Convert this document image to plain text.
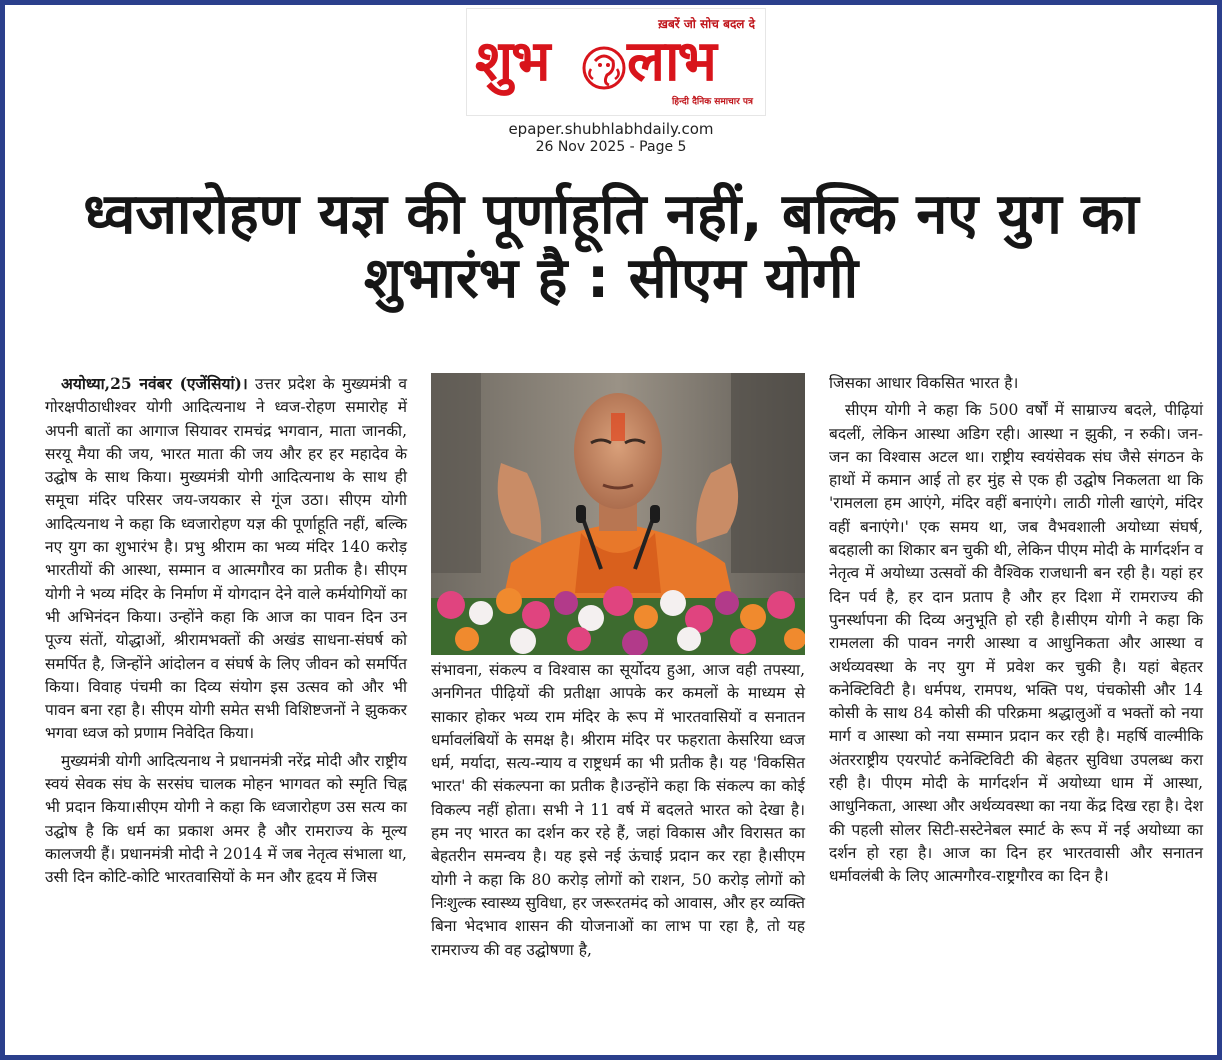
ख़बरें जो सोच बदल दे
शुभ लाभ
हिन्दी दैनिक समाचार पत्र
epaper.shubhlabhdaily.com
26 Nov 2025 - Page 5
ध्वजारोहण यज्ञ की पूर्णाहूति नहीं, बल्कि नए युग का शुभारंभ है : सीएम योगी

अयोध्या,25 नवंबर (एजेंसियां)। उत्तर प्रदेश के मुख्यमंत्री व गोरक्षपीठाधीश्वर योगी आदित्यनाथ ने ध्वज-रोहण समारोह में अपनी बातों का आगाज सियावर रामचंद्र भगवान, माता जानकी, सरयू मैया की जय, भारत माता की जय और हर हर महादेव के उद्घोष के साथ किया। मुख्यमंत्री योगी आदित्यनाथ के साथ ही समूचा मंदिर परिसर जय-जयकार से गूंज उठा। सीएम योगी आदित्यनाथ ने कहा कि ध्वजारोहण यज्ञ की पूर्णाहूति नहीं, बल्कि नए युग का शुभारंभ है। प्रभु श्रीराम का भव्य मंदिर 140 करोड़ भारतीयों की आस्था, सम्मान व आत्मगौरव का प्रतीक है। सीएम योगी ने भव्य मंदिर के निर्माण में योगदान देने वाले कर्मयोगियों का भी अभिनंदन किया। उन्होंने कहा कि आज का पावन दिन उन पूज्य संतों, योद्धाओं, श्रीरामभक्तों की अखंड साधना-संघर्ष को समर्पित है, जिन्होंने आंदोलन व संघर्ष के लिए जीवन को समर्पित किया। विवाह पंचमी का दिव्य संयोग इस उत्सव को और भी पावन बना रहा है। सीएम योगी समेत सभी विशिष्टजनों ने झुककर भगवा ध्वज को प्रणाम निवेदित किया।

मुख्यमंत्री योगी आदित्यनाथ ने प्रधानमंत्री नरेंद्र मोदी और राष्ट्रीय स्वयं सेवक संघ के सरसंघ चालक मोहन भागवत को स्मृति चिह्न भी प्रदान किया।सीएम योगी ने कहा कि ध्वजारोहण उस सत्य का उद्घोष है कि धर्म का प्रकाश अमर है और रामराज्य के मूल्य कालजयी हैं। प्रधानमंत्री मोदी ने 2014 में जब नेतृत्व संभाला था, उसी दिन कोटि-कोटि भारतवासियों के मन और हृदय में जिस

संभावना, संकल्प व विश्वास का सूर्योदय हुआ, आज वही तपस्या, अनगिनत पीढ़ियों की प्रतीक्षा आपके कर कमलों के माध्यम से साकार होकर भव्य राम मंदिर के रूप में भारतवासियों व सनातन धर्मावलंबियों के समक्ष है। श्रीराम मंदिर पर फहराता केसरिया ध्वज धर्म, मर्यादा, सत्य-न्याय व राष्ट्रधर्म का भी प्रतीक है। यह 'विकसित भारत' की संकल्पना का प्रतीक है।उन्होंने कहा कि संकल्प का कोई विकल्प नहीं होता। सभी ने 11 वर्ष में बदलते भारत को देखा है। हम नए भारत का दर्शन कर रहे हैं, जहां विकास और विरासत का बेहतरीन समन्वय है। यह इसे नई ऊंचाई प्रदान कर रहा है।सीएम योगी ने कहा कि 80 करोड़ लोगों को राशन, 50 करोड़ लोगों को निःशुल्क स्वास्थ्य सुविधा, हर जरूरतमंद को आवास, और हर व्यक्ति बिना भेदभाव शासन की योजनाओं का लाभ पा रहा है, तो यह रामराज्य की वह उद्घोषणा है,

जिसका आधार विकसित भारत है।

सीएम योगी ने कहा कि 500 वर्षों में साम्राज्य बदले, पीढ़ियां बदलीं, लेकिन आस्था अडिग रही। आस्था न झुकी, न रुकी। जन-जन का विश्वास अटल था। राष्ट्रीय स्वयंसेवक संघ जैसे संगठन के हाथों में कमान आई तो हर मुंह से एक ही उद्घोष निकलता था कि 'रामलला हम आएंगे, मंदिर वहीं बनाएंगे। लाठी गोली खाएंगे, मंदिर वहीं बनाएंगे।' एक समय था, जब वैभवशाली अयोध्या संघर्ष, बदहाली का शिकार बन चुकी थी, लेकिन पीएम मोदी के मार्गदर्शन व नेतृत्व में अयोध्या उत्सवों की वैश्विक राजधानी बन रही है। यहां हर दिन पर्व है, हर दान प्रताप है और हर दिशा में रामराज्य की पुनर्स्थापना की दिव्य अनुभूति हो रही है।सीएम योगी ने कहा कि रामलला की पावन नगरी आस्था व आधुनिकता और आस्था व अर्थव्यवस्था के नए युग में प्रवेश कर चुकी है। यहां बेहतर कनेक्टिविटी है। धर्मपथ, रामपथ, भक्ति पथ, पंचकोसी और 14 कोसी के साथ 84 कोसी की परिक्रमा श्रद्धालुओं व भक्तों को नया मार्ग व आस्था को नया सम्मान प्रदान कर रही है। महर्षि वाल्मीकि अंतरराष्ट्रीय एयरपोर्ट कनेक्टिविटी की बेहतर सुविधा उपलब्ध करा रही है। पीएम मोदी के मार्गदर्शन में अयोध्या धाम में आस्था, आधुनिकता, आस्था और अर्थव्यवस्था का नया केंद्र दिख रहा है। देश की पहली सोलर सिटी-सस्टेनेबल स्मार्ट के रूप में नई अयोध्या का दर्शन हो रहा है। आज का दिन हर भारतवासी और सनातन धर्मावलंबी के लिए आत्मगौरव-राष्ट्रगौरव का दिन है।
